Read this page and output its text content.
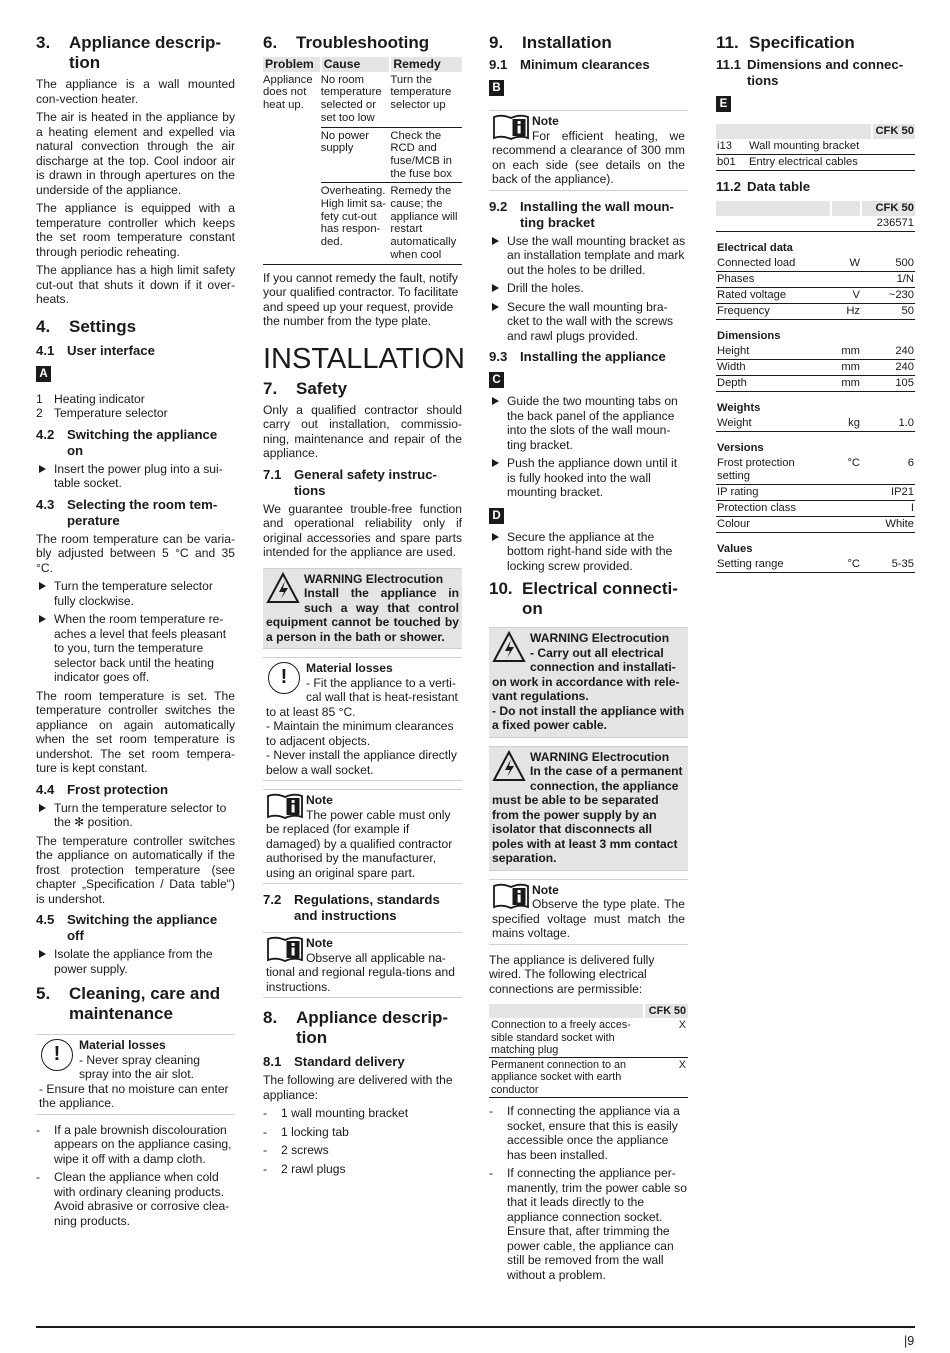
3.	Appliance descrip-tion

The appliance is a wall mounted con-vection heater.

The air is heated in the appliance by a heating element and expelled via natural convection through the air discharge at the top. Cool indoor air is drawn in through apertures on the underside of the appliance.

The appliance is equipped with a temperature controller which keeps the set room temperature constant through periodic reheating.

The appliance has a high limit safety cut-out that shuts it down if it over-heats.

4.	Settings
4.1 User interface
A
1 Heating indicator
2 Temperature selector
4.2 Switching the appliance on
Insert the power plug into a sui-table socket.
4.3 Selecting the room tem-perature

The room temperature can be varia-bly adjusted between 5 °C and 35 °C.

Turn the temperature selector fully clockwise.
When the room temperature re-aches a level that feels pleasant to you, turn the temperature selector back until the heating indicator goes off.

The room temperature is set. The temperature controller switches the appliance on again automatically when the set room temperature is undershot. The set room tempera-ture is kept constant.

4.4 Frost protection
Turn the temperature selector to the ✻ position.

The temperature controller switches the appliance on automatically if the frost protection temperature (see chapter „Specification / Data table") is undershot.

4.5 Switching the appliance off
Isolate the appliance from the power supply.
5.	Cleaning, care and maintenance
!	Material losses
- Never spray cleaning spray into the air slot.
- Ensure that no moisture can enter the appliance.
-	If a pale brownish discolouration appears on the appliance casing, wipe it off with a damp cloth.
-	Clean the appliance when cold with ordinary cleaning products. Avoid abrasive or corrosive clea-ning products.
6.	Troubleshooting
Problem	Cause	Remedy
Appliance does not heat up.	No room temperature selected or set too low	Turn the temperature selector up
	No power supply	Check the RCD and fuse/MCB in the fuse box
	Overheating. High limit sa-fety cut-out has respon-ded.	Remedy the cause; the appliance will restart automatically when cool

If you cannot remedy the fault, notify your qualified contractor. To facilitate and speed up your request, provide the number from the type plate.

INSTALLATION
7.	Safety

Only a qualified contractor should carry out installation, commissio-ning, maintenance and repair of the appliance.

7.1 General safety instruc-tions

We guarantee trouble-free function and operational reliability only if original accessories and spare parts intended for the appliance are used.

WARNING Electrocution
Install the appliance in such a way that control equipment cannot be touched by a person in the bath or shower.
!	Material losses
- Fit the appliance to a verti-cal wall that is heat-resistant to at least 85 °C.
- Maintain the minimum clearances to adjacent objects.
- Never install the appliance directly below a wall socket.
Note
The power cable must only be replaced (for example if damaged) by a qualified contractor authorised by the manufacturer, using an original spare part.
7.2 Regulations, standards and instructions
Note
Observe all applicable na-tional and regional regula-tions and instructions.
8.	Appliance descrip-tion
8.1 Standard delivery

The following are delivered with the appliance:

-	1 wall mounting bracket
-	1 locking tab
-	2 screws
-	2 rawl plugs
9.	Installation
9.1 Minimum clearances
B
Note
For efficient heating, we recommend a clearance of 300 mm on each side (see details on the back of the appliance).
9.2 Installing the wall moun-ting bracket
Use the wall mounting bracket as an installation template and mark out the holes to be drilled.
Drill the holes.
Secure the wall mounting bra-cket to the wall with the screws and rawl plugs provided.
9.3 Installing the appliance
C
Guide the two mounting tabs on the back panel of the appliance into the slots of the wall moun-ting bracket.
Push the appliance down until it is fully hooked into the wall mounting bracket.
D
Secure the appliance at the bottom right-hand side with the locking screw provided.
10. Electrical connecti-on
WARNING Electrocution
- Carry out all electrical connection and installati-on work in accordance with rele-vant regulations.
- Do not install the appliance with a fixed power cable.
WARNING Electrocution
In the case of a permanent connection, the appliance must be able to be separated from the power supply by an isolator that disconnects all poles with at least 3 mm contact separation.
Note
Observe the type plate. The specified voltage must match the mains voltage.

The appliance is delivered fully wired. The following electrical connections are permissible:

	CFK 50
Connection to a freely acces-sible standard socket with matching plug	X
Permanent connection to an appliance socket with earth conductor	X
-	If connecting the appliance via a socket, ensure that this is easily accessible once the appliance has been installed.
-	If connecting the appliance per-manently, trim the power cable so that it leads directly to the appliance connection socket. Ensure that, after trimming the power cable, the appliance can still be removed from the wall without a problem.
11. Specification
11.1 Dimensions and connec-tions
E
		CFK 50
i13	Wall mounting bracket	
b01	Entry electrical cables	
11.2 Data table
		CFK 50
		236571
Electrical data		
Connected load	W	500
Phases		1/N
Rated voltage	V	~230
Frequency	Hz	50
Dimensions		
Height	mm	240
Width	mm	240
Depth	mm	105
Weights		
Weight	kg	1.0
Versions		
Frost protection setting	°C	6
IP rating		IP21
Protection class		I
Colour		White
Values		
Setting range	°C	5-35
|9
